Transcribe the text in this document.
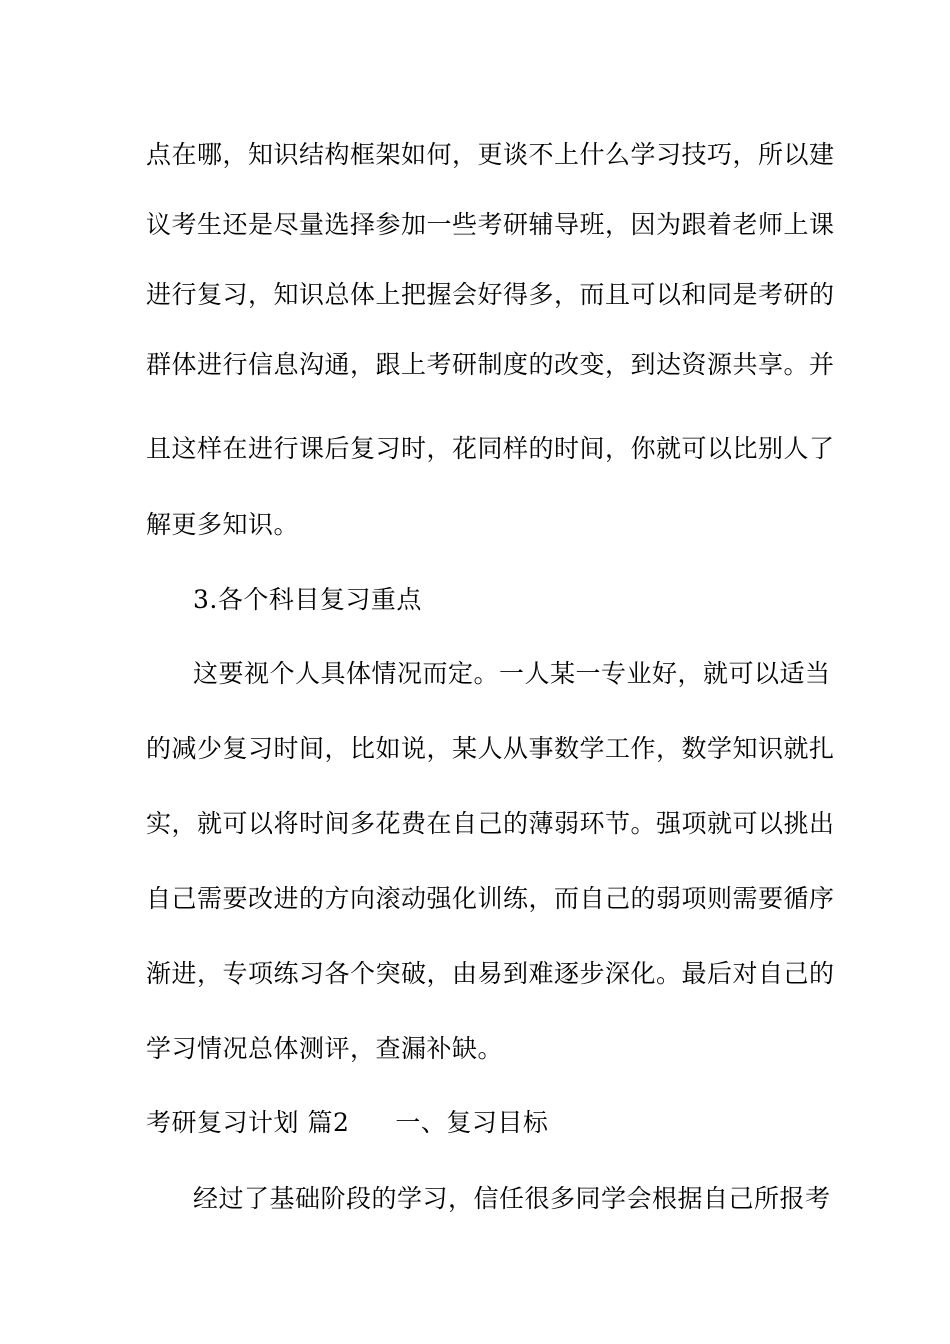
点在哪，知识结构框架如何，更谈不上什么学习技巧，所以建
议考生还是尽量选择参加一些考研辅导班，因为跟着老师上课
进行复习，知识总体上把握会好得多，而且可以和同是考研的
群体进行信息沟通，跟上考研制度的改变，到达资源共享。并
且这样在进行课后复习时，花同样的时间，你就可以比别人了
解更多知识。
3.各个科目复习重点
这要视个人具体情况而定。一人某一专业好，就可以适当
的减少复习时间，比如说，某人从事数学工作，数学知识就扎
实，就可以将时间多花费在自己的薄弱环节。强项就可以挑出
自己需要改进的方向滚动强化训练，而自己的弱项则需要循序
渐进，专项练习各个突破，由易到难逐步深化。最后对自己的
学习情况总体测评，查漏补缺。
考研复习计划 篇2 一、复习目标
经过了基础阶段的学习，信任很多同学会根据自己所报考
